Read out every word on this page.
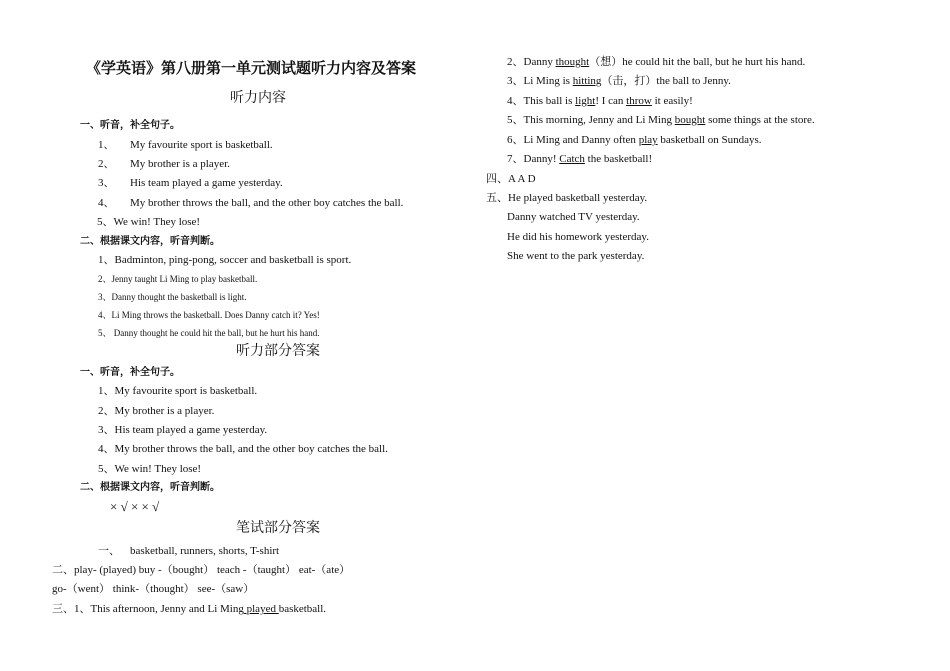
《学英语》第八册第一单元测试题听力内容及答案
听力内容
一、听音，补全句子。
1、 My favourite sport is basketball.
2、 My brother is a player.
3、 His team played a game yesterday.
4、 My brother throws the ball, and the other boy catches the ball.
5、We win! They lose!
二、根据课文内容，听音判断。
1、Badminton, ping-pong, soccer and basketball is sport.
2、Jenny taught Li Ming to play basketball.
3、Danny thought the basketball is light.
4、Li Ming throws the basketball. Does Danny catch it? Yes!
5、 Danny thought he could hit the ball, but he hurt his hand.
听力部分答案
一、听音，补全句子。
1、My favourite sport is basketball.
2、My brother is a player.
3、His team played a game yesterday.
4、My brother throws the ball, and the other boy catches the ball.
5、We win! They lose!
二、根据课文内容，听音判断。
× √ × × √
笔试部分答案
一、 basketball, runners, shorts, T-shirt
二、play- (played) buy -（bought） teach -（taught） eat-（ate）
go-（went） think-（thought） see-（saw）
三、1、This afternoon, Jenny and Li Ming played basketball.
2、Danny thought（想）he could hit the ball, but he hurt his hand.
3、Li Ming is hitting（击，打）the ball to Jenny.
4、This ball is light! I can throw it easily!
5、This morning, Jenny and Li Ming bought some things at the store.
6、Li Ming and Danny often play basketball on Sundays.
7、Danny! Catch the basketball!
四、A A D
五、He played basketball yesterday.
Danny watched TV yesterday.
He did his homework yesterday.
She went to the park yesterday.
